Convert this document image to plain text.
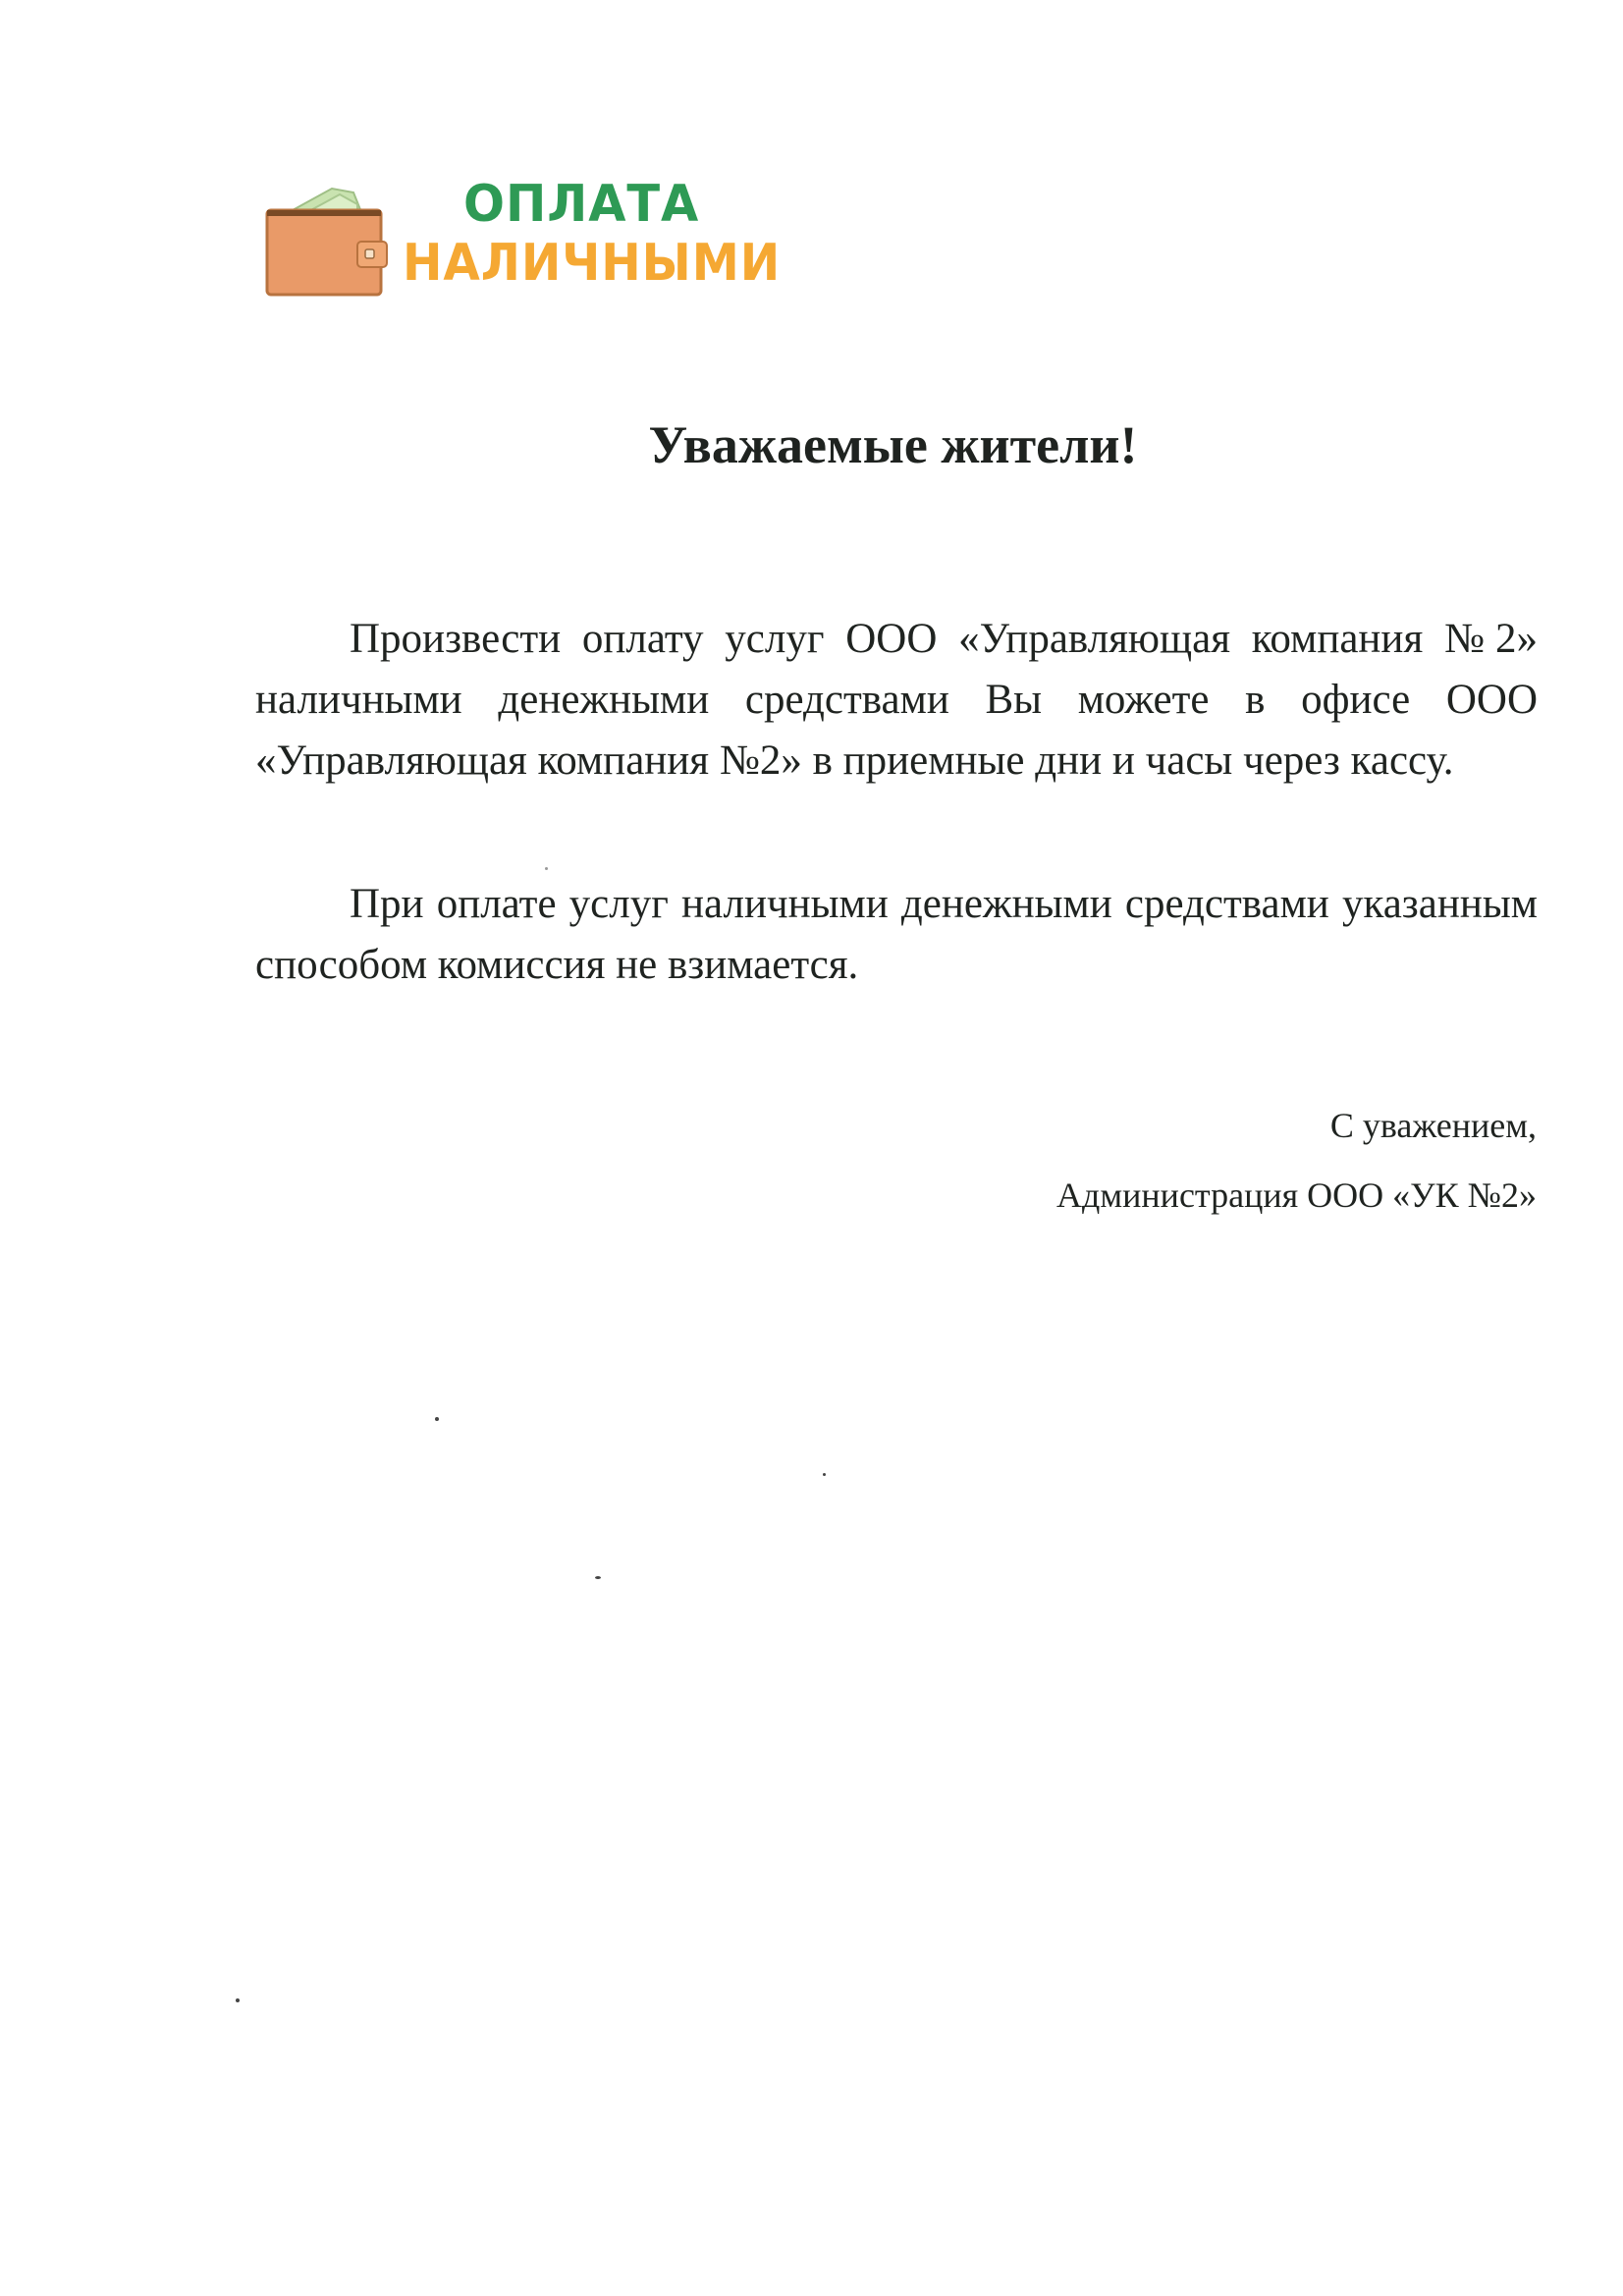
ОПЛАТА
НАЛИЧНЫМИ
Уважаемые жители!

Произвести оплату услуг ООО «Управляющая компания №2» наличными денежными средствами Вы можете в офисе ООО «Управляющая компания №2» в приемные дни и часы через кассу.

При оплате услуг наличными денежными средствами указанным способом комиссия не взимается.

С уважением,
Администрация ООО «УК №2»
